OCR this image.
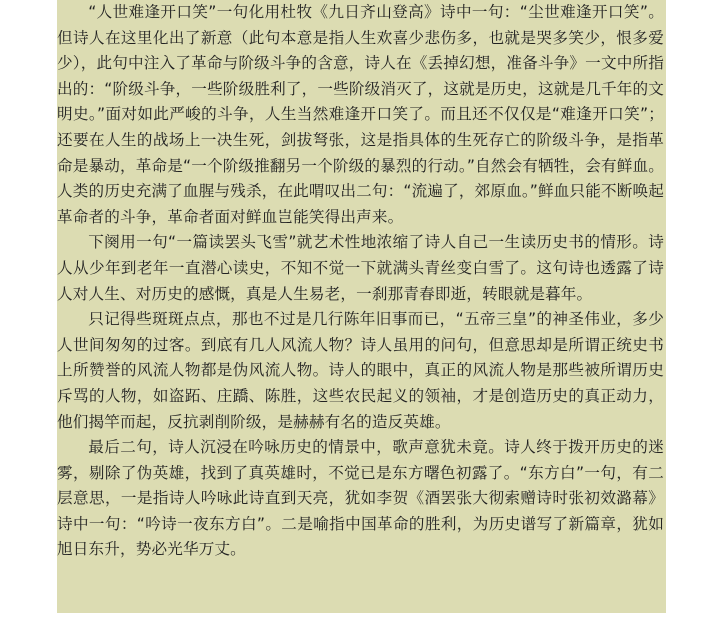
“人世难逢开口笑”一句化用杜牧《九日齐山登高》诗中一句：“尘世难逢开口笑”。但诗人在这里化出了新意（此句本意是指人生欢喜少悲伤多，也就是哭多笑少，恨多爱少），此句中注入了革命与阶级斗争的含意，诗人在《丢掉幻想，准备斗争》一文中所指出的：“阶级斗争，一些阶级胜利了，一些阶级消灭了，这就是历史，这就是几千年的文明史。”面对如此严峻的斗争，人生当然难逢开口笑了。而且还不仅仅是“难逢开口笑”；还要在人生的战场上一决生死，剑拔弩张，这是指具体的生死存亡的阶级斗争，是指革命是暴动，革命是“一个阶级推翻另一个阶级的暴烈的行动。”自然会有牺牲，会有鲜血。人类的历史充满了血腥与残杀，在此喟叹出二句：“流遍了，郊原血。”鲜血只能不断唤起革命者的斗争，革命者面对鲜血岂能笑得出声来。

下阕用一句“一篇读罢头飞雪”就艺术性地浓缩了诗人自己一生读历史书的情形。诗人从少年到老年一直潜心读史，不知不觉一下就满头青丝变白雪了。这句诗也透露了诗人对人生、对历史的感慨，真是人生易老，一刹那青春即逝，转眼就是暮年。

只记得些斑斑点点，那也不过是几行陈年旧事而已，“五帝三皇”的神圣伟业，多少人世间匆匆的过客。到底有几人风流人物？诗人虽用的问句，但意思却是所谓正统史书上所赞誉的风流人物都是伪风流人物。诗人的眼中，真正的风流人物是那些被所谓历史斥骂的人物，如盗跖、庄蹻、陈胜，这些农民起义的领袖，才是创造历史的真正动力，他们揭竿而起，反抗剥削阶级，是赫赫有名的造反英雄。

最后二句，诗人沉浸在吟咏历史的情景中，歌声意犹未竟。诗人终于拨开历史的迷雾，剔除了伪英雄，找到了真英雄时，不觉已是东方曙色初露了。“东方白”一句，有二层意思，一是指诗人吟咏此诗直到天亮，犹如李贺《酒罢张大彻索赠诗时张初效潞幕》诗中一句：“吟诗一夜东方白”。二是喻指中国革命的胜利，为历史谱写了新篇章，犹如旭日东升，势必光华万丈。
